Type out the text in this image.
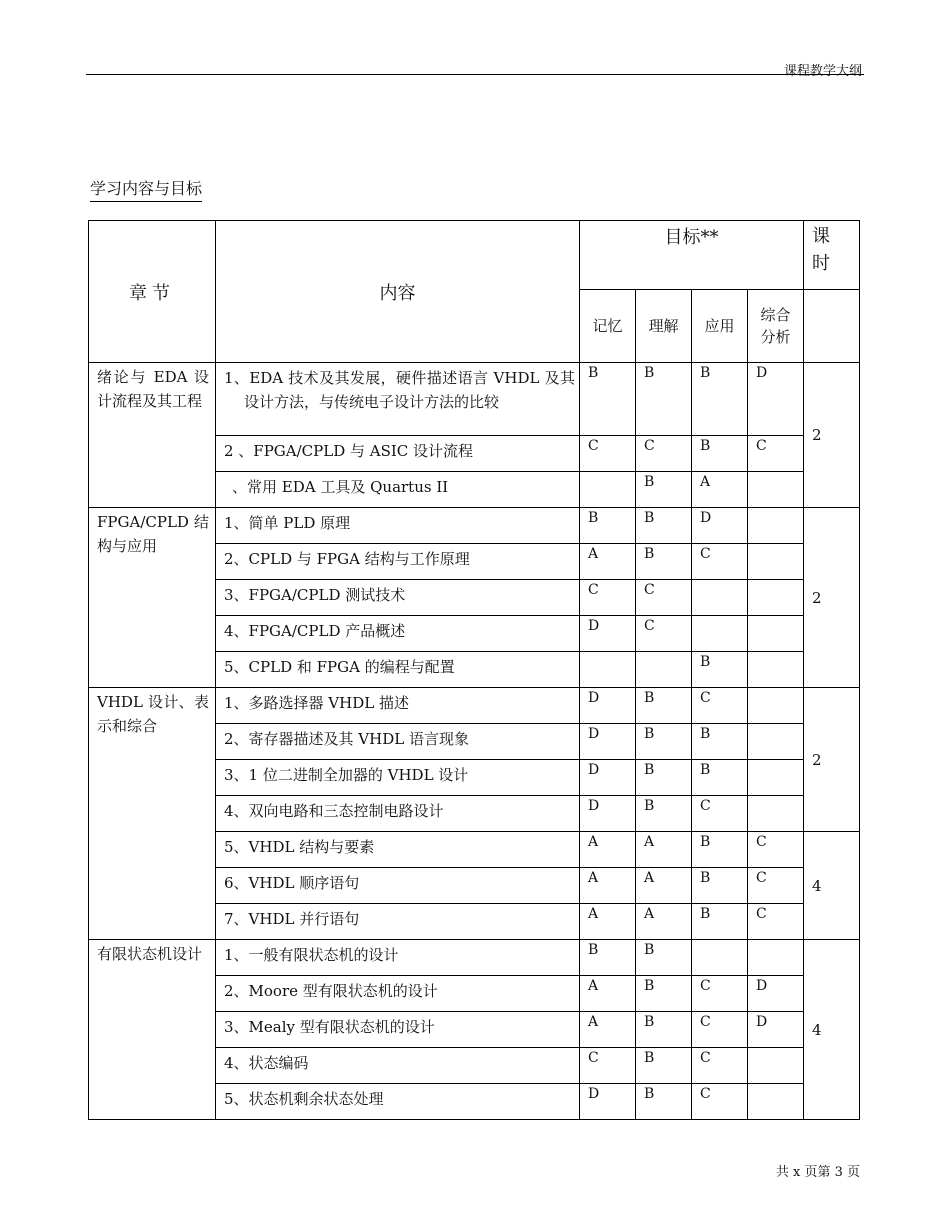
课程教学大纲
学习内容与目标
章节	内容	目标**				课
时
		记忆	理解	应用	综合
分析	
绪论与 EDA 设计流程及其工程	1、EDA 技术及其发展，硬件描述语言 VHDL 及其设计方法，与传统电子设计方法的比较	B	B	B	D	2
	2 、FPGA/CPLD 与 ASIC 设计流程	C	C	B	C	
	、常用 EDA 工具及 Quartus II		B	A		
FPGA/CPLD 结构与应用	1、简单 PLD 原理	B	B	D		2
	2、CPLD 与 FPGA 结构与工作原理	A	B	C		
	3、FPGA/CPLD 测试技术	C	C			
	4、FPGA/CPLD 产品概述	D	C			
	5、CPLD 和 FPGA 的编程与配置			B		
VHDL 设计、表示和综合	1、多路选择器 VHDL 描述	D	B	C		2
	2、寄存器描述及其 VHDL 语言现象	D	B	B		
	3、1 位二进制全加器的 VHDL 设计	D	B	B		
	4、双向电路和三态控制电路设计	D	B	C		
	5、VHDL 结构与要素	A	A	B	C	4
	6、VHDL 顺序语句	A	A	B	C	
	7、VHDL 并行语句	A	A	B	C	
有限状态机设计	1、一般有限状态机的设计	B	B			4
	2、Moore 型有限状态机的设计	A	B	C	D	
	3、Mealy 型有限状态机的设计	A	B	C	D	
	4、状态编码	C	B	C		
	5、状态机剩余状态处理	D	B	C		
共 x 页第 3 页
